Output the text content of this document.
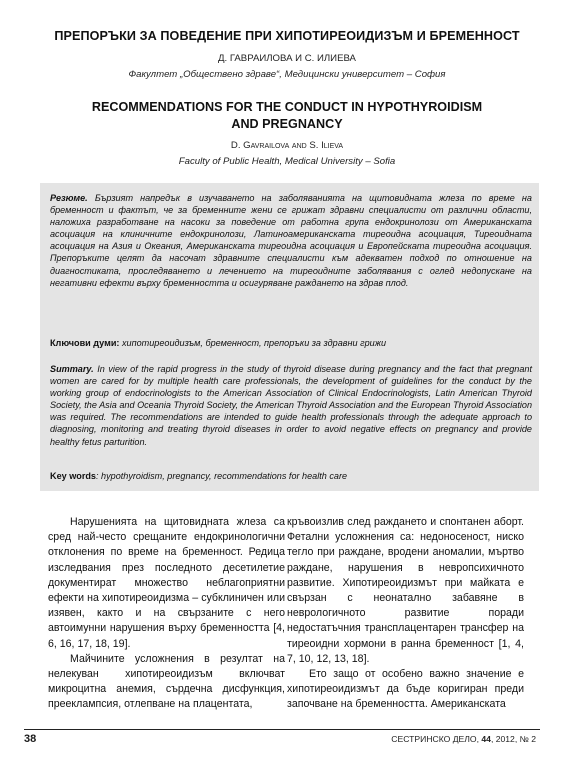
ПРЕПОРЪКИ ЗА ПОВЕДЕНИЕ ПРИ ХИПОТИРЕОИДИЗЪМ И БРЕМЕННОСТ
Д. ГАВРАИЛОВА И С. ИЛИЕВА
Факултет „Обществено здраве“, Медицински университет – София
RECOMMENDATIONS FOR THE CONDUCT IN HYPOTHYROIDISM
AND PREGNANCY
D. Gavrailova and S. Ilieva
Faculty of Public Health, Medical University – Sofia
Резюме. Бързият напредък в изучаването на заболяванията на щитовидната жлеза по време на бременност и фактът, че за бременните жени се грижат здравни специалисти от различни области, наложиха разработване на насоки за поведение от работна група ендокринолози от Американската асоциация на клиничните ендокринолози, Латиноамериканската тиреоидна асоциация, Тиреоидната асоциация на Азия и Океания, Американската тиреоидна асоциация и Европейската тиреоидна асоциация. Препоръките целят да насочат здравните специалисти към адекватен подход по отношение на диагностиката, проследяването и лечението на тиреоидните заболявания с оглед недопускане на негативни ефекти върху бременността и осигуряване раждането на здрав плод.
Ключови думи: хипотиреоидизъм, бременност, препоръки за здравни грижи
Summary. In view of the rapid progress in the study of thyroid disease during pregnancy and the fact that pregnant women are cared for by multiple health care professionals, the development of guidelines for the conduct by the working group of endocrinologists to the American Association of Clinical Endocrinologists, Latin American Thyroid Society, the Asia and Oceania Thyroid Society, the American Thyroid Association and the European Thyroid Association was required. The recommendations are intended to guide health professionals through the adequate approach to diagnosing, monitoring and treating thyroid diseases in order to avoid negative effects on pregnancy and provide healthy fetus parturition.
Key words: hypothyroidism, pregnancy, recommendations for health care

Нарушенията на щитовидната жлеза са сред най-често срещаните ендокринологични отклонения по време на бременност. Редица изследвания през последното десетилетие документират множество неблагоприятни ефекти на хипотиреоидизма – субклиничен или изявен, както и на свързаните с него автоимунни нарушения върху бременността [4, 6, 16, 17, 18, 19].

Майчините усложнения в резултат на нелекуван хипотиреоидизъм включват микроцитна анемия, сърдечна дисфункция, прееклампсия, отлепване на плацентата,

кръвоизлив след раждането и спонтанен аборт. Фетални усложнения са: недоносеност, ниско тегло при раждане, вродени аномалии, мъртво раждане, нарушения в невропсихичното развитие. Хипотиреоидизмът при майката е свързан с неонатално забавяне в неврологичното развитие поради недостатъчния трансплацентарен трансфер на тиреоидни хормони в ранна бременност [1, 4, 7, 10, 12, 13, 18].

Ето защо от особено важно значение е хипотиреоидизмът да бъде коригиран преди започване на бременността. Американската

38	СЕСТРИНСКО ДЕЛО, 44, 2012, № 2
